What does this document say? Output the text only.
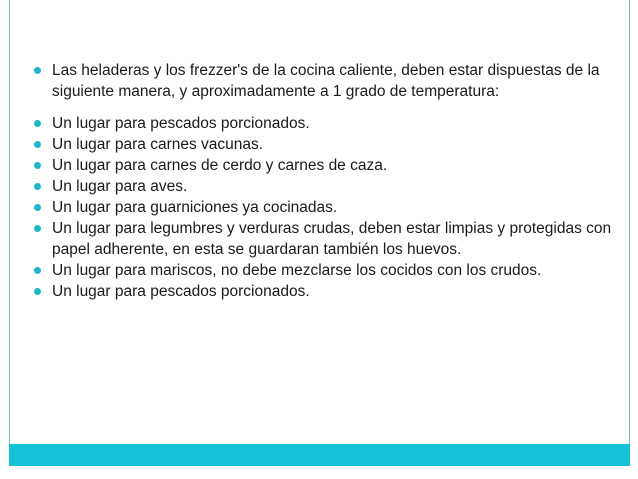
Las heladeras y los frezzer's de la cocina caliente, deben estar dispuestas de la siguiente manera, y aproximadamente a 1 grado de temperatura:

Un lugar para pescados porcionados.

Un lugar para carnes vacunas.

Un lugar para carnes de cerdo y carnes de caza.

Un lugar para aves.

Un lugar para guarniciones ya cocinadas.

Un lugar para legumbres y verduras crudas, deben estar limpias y protegidas con papel adherente, en esta se guardaran también los huevos.

Un lugar para mariscos, no debe mezclarse los cocidos con los crudos.

Un lugar para pescados porcionados.
